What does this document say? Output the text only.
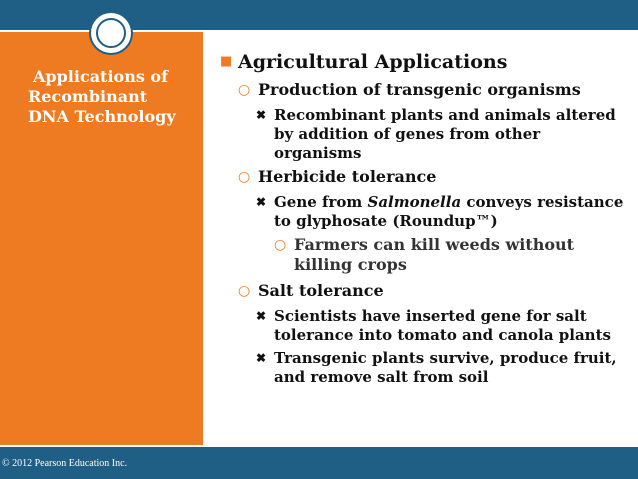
Applications of
Recombinant
DNA Technology
© 2012 Pearson Education Inc.
■ Agricultural Applications
○ Production of transgenic organisms
✖ Recombinant plants and animals altered by addition of genes from other organisms
○ Herbicide tolerance
✖ Gene from Salmonella conveys resistance to glyphosate (Roundup™)
○ Farmers can kill weeds without killing crops
○ Salt tolerance
✖ Scientists have inserted gene for salt tolerance into tomato and canola plants
✖ Transgenic plants survive, produce fruit, and remove salt from soil
